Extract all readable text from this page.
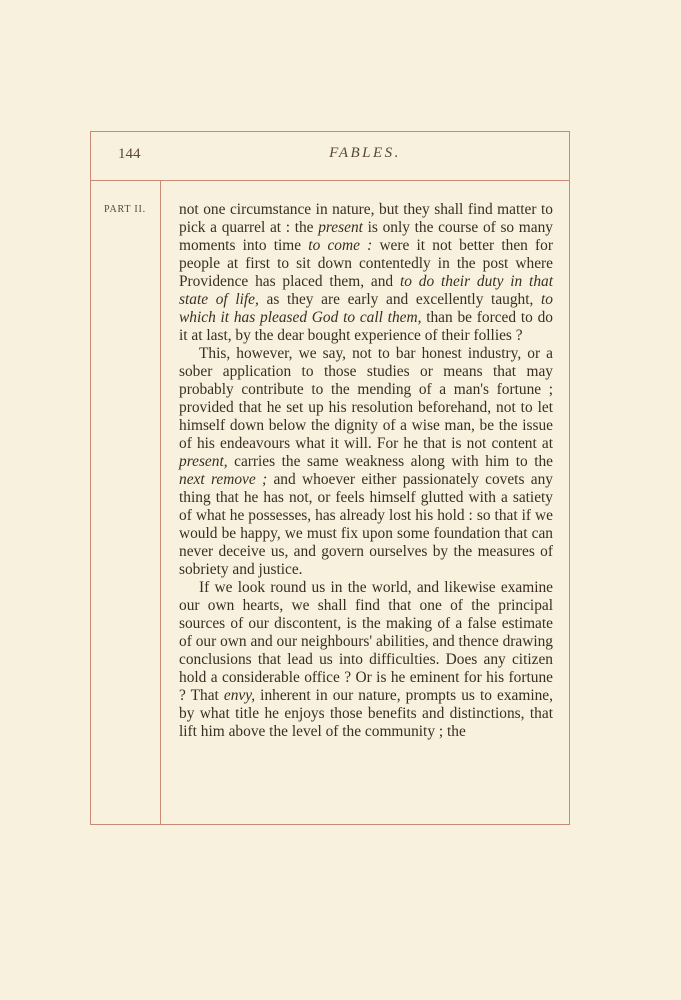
144	FABLES.
PART II. not one circumstance in nature, but they shall find matter to pick a quarrel at : the present is only the course of so many moments into time to come : were it not better then for people at first to sit down contentedly in the post where Providence has placed them, and to do their duty in that state of life, as they are early and excellently taught, to which it has pleased God to call them, than be forced to do it at last, by the dear bought experience of their follies ?

This, however, we say, not to bar honest industry, or a sober application to those studies or means that may probably contribute to the mending of a man's fortune ; provided that he set up his resolution beforehand, not to let himself down below the dignity of a wise man, be the issue of his endeavours what it will. For he that is not content at present, carries the same weakness along with him to the next remove ; and whoever either passionately covets any thing that he has not, or feels himself glutted with a satiety of what he possesses, has already lost his hold : so that if we would be happy, we must fix upon some foundation that can never deceive us, and govern ourselves by the measures of sobriety and justice.

If we look round us in the world, and likewise examine our own hearts, we shall find that one of the principal sources of our discontent, is the making of a false estimate of our own and our neighbours' abilities, and thence drawing conclusions that lead us into difficulties. Does any citizen hold a considerable office ? Or is he eminent for his fortune ? That envy, inherent in our nature, prompts us to examine, by what title he enjoys those benefits and distinctions, that lift him above the level of the community ; the
